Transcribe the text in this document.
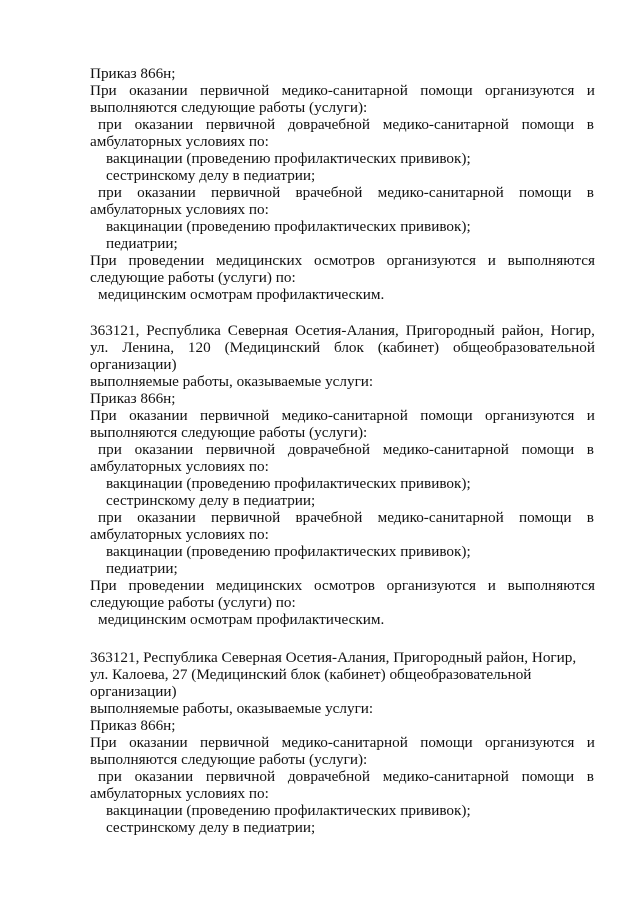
Приказ 866н;
При оказании первичной медико-санитарной помощи организуются и
выполняются следующие работы (услуги):
при оказании первичной доврачебной медико-санитарной помощи в
амбулаторных условиях по:
вакцинации (проведению профилактических прививок);
сестринскому делу в педиатрии;
при оказании первичной врачебной медико-санитарной помощи в
амбулаторных условиях по:
вакцинации (проведению профилактических прививок);
педиатрии;
При проведении медицинских осмотров организуются и выполняются
следующие работы (услуги) по:
медицинским осмотрам профилактическим.
363121, Республика Северная Осетия-Алания, Пригородный район, Ногир,
ул. Ленина, 120 (Медицинский блок (кабинет) общеобразовательной
организации)
выполняемые работы, оказываемые услуги:
Приказ 866н;
При оказании первичной медико-санитарной помощи организуются и
выполняются следующие работы (услуги):
при оказании первичной доврачебной медико-санитарной помощи в
амбулаторных условиях по:
вакцинации (проведению профилактических прививок);
сестринскому делу в педиатрии;
при оказании первичной врачебной медико-санитарной помощи в
амбулаторных условиях по:
вакцинации (проведению профилактических прививок);
педиатрии;
При проведении медицинских осмотров организуются и выполняются
следующие работы (услуги) по:
медицинским осмотрам профилактическим.
363121, Республика Северная Осетия-Алания, Пригородный район, Ногир,
ул. Калоева, 27 (Медицинский блок (кабинет) общеобразовательной
организации)
выполняемые работы, оказываемые услуги:
Приказ 866н;
При оказании первичной медико-санитарной помощи организуются и
выполняются следующие работы (услуги):
при оказании первичной доврачебной медико-санитарной помощи в
амбулаторных условиях по:
вакцинации (проведению профилактических прививок);
сестринскому делу в педиатрии;
